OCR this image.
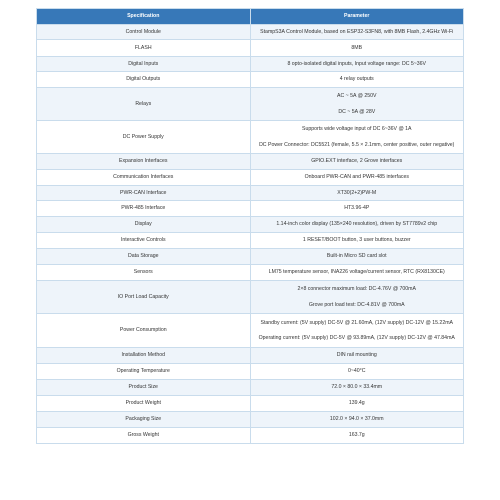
Specification	Parameter
Control Module	StampS3A Control Module, based on ESP32-S3FN8, with 8MB Flash, 2.4GHz Wi-Fi

FLASH	8MB

Digital Inputs	8 opto-isolated digital inputs, Input voltage range: DC 5~36V

Digital Outputs	4 relay outputs

Relays	AC ~ 5A @ 250V
DC ~ 5A @ 28V

DC Power Supply	Supports wide voltage input of DC 6~36V @ 1A
DC Power Connector: DC5521 (female, 5.5 × 2.1mm, center positive, outer negative)

Expansion Interfaces	GPIO.EXT interface, 2 Grove interfaces

Communication Interfaces	Onboard PWR-CAN and PWR-485 interfaces

PWR-CAN Interface	XT30(2+2)PW-M

PWR-485 Interface	HT3.96-4P

Display	1.14-inch color display (135×240 resolution), driven by ST7789v2 chip

Interactive Controls	1 RESET/BOOT button, 3 user buttons, buzzer

Data Storage	Built-in Micro SD card slot

Sensors	LM75 temperature sensor, INA226 voltage/current sensor, RTC (RX8130CE)

IO Port Load Capacity	2×8 connector maximum load: DC-4.76V @ 700mA
Grove port load test: DC-4.81V @ 700mA

Power Consumption	Standby current: (5V supply) DC-5V @ 21.60mA, (12V supply) DC-12V @ 15.22mA
Operating current: (5V supply) DC-5V @ 93.89mA, (12V supply) DC-12V @ 47.84mA

Installation Method	DIN rail mounting

Operating Temperature	0~40°C

Product Size	72.0 × 80.0 × 33.4mm

Product Weight	139.4g

Packaging Size	102.0 × 94.0 × 37.0mm

Gross Weight	163.7g
